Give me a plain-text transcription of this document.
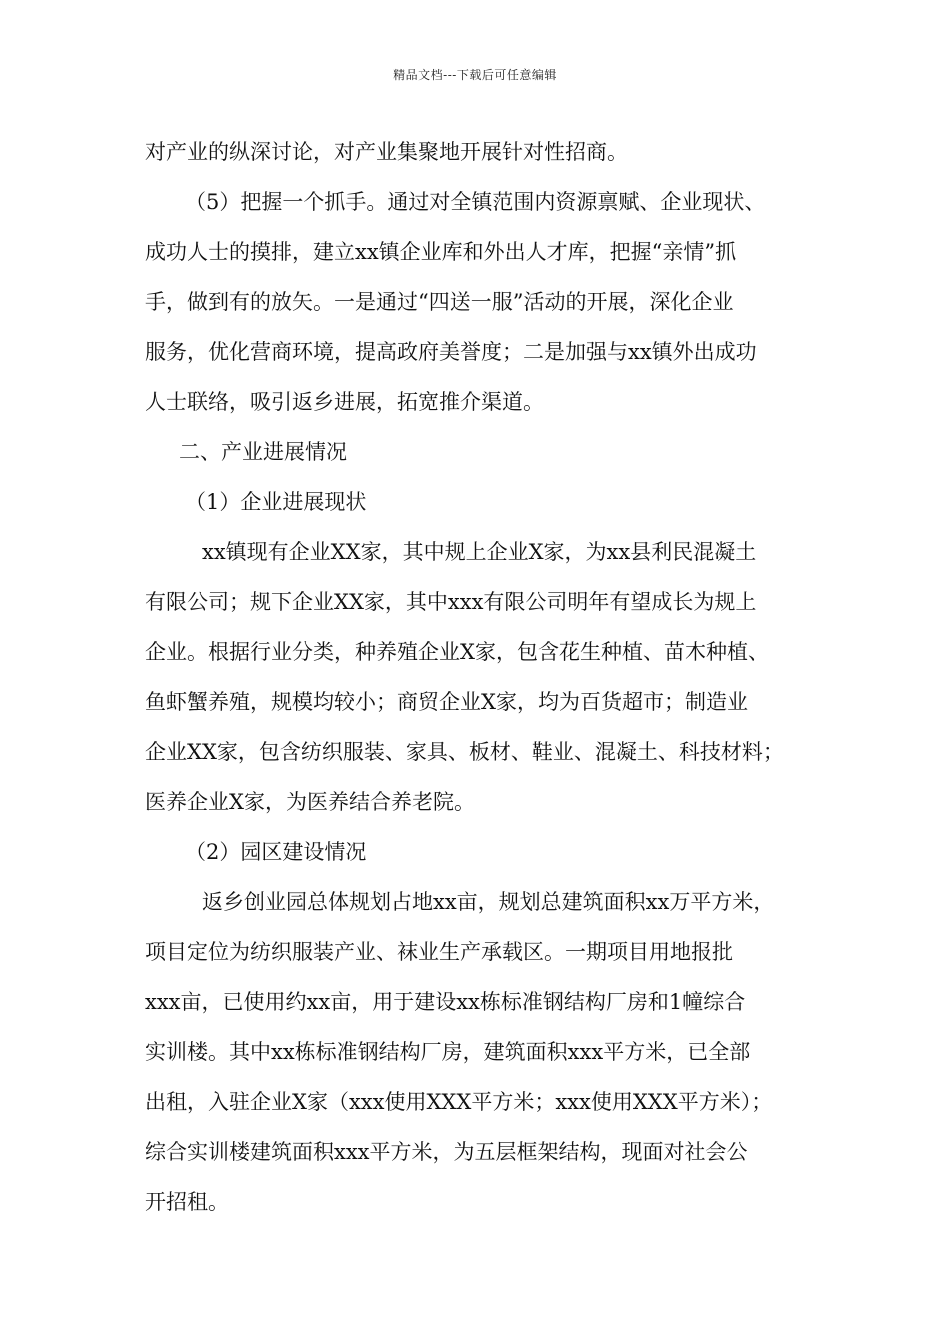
精品文档---下载后可任意编辑
对产业的纵深讨论，对产业集聚地开展针对性招商。
（5）把握一个抓手。通过对全镇范围内资源禀赋、企业现状、
成功人士的摸排，建立xx镇企业库和外出人才库，把握“亲情”抓
手，做到有的放矢。一是通过“四送一服”活动的开展，深化企业
服务，优化营商环境，提高政府美誉度；二是加强与xx镇外出成功
人士联络，吸引返乡进展，拓宽推介渠道。
二、产业进展情况
（1）企业进展现状
xx镇现有企业XX家，其中规上企业X家，为xx县利民混凝土
有限公司；规下企业XX家，其中xxx有限公司明年有望成长为规上
企业。根据行业分类，种养殖企业X家，包含花生种植、苗木种植、
鱼虾蟹养殖，规模均较小；商贸企业X家，均为百货超市；制造业
企业XX家，包含纺织服装、家具、板材、鞋业、混凝土、科技材料；
医养企业X家，为医养结合养老院。
（2）园区建设情况
返乡创业园总体规划占地xx亩，规划总建筑面积xx万平方米，
项目定位为纺织服装产业、袜业生产承载区。一期项目用地报批
xxx亩，已使用约xx亩，用于建设xx栋标准钢结构厂房和1幢综合
实训楼。其中xx栋标准钢结构厂房，建筑面积xxx平方米，已全部
出租，入驻企业X家（xxx使用XXX平方米；xxx使用XXX平方米）；
综合实训楼建筑面积xxx平方米，为五层框架结构，现面对社会公
开招租。
